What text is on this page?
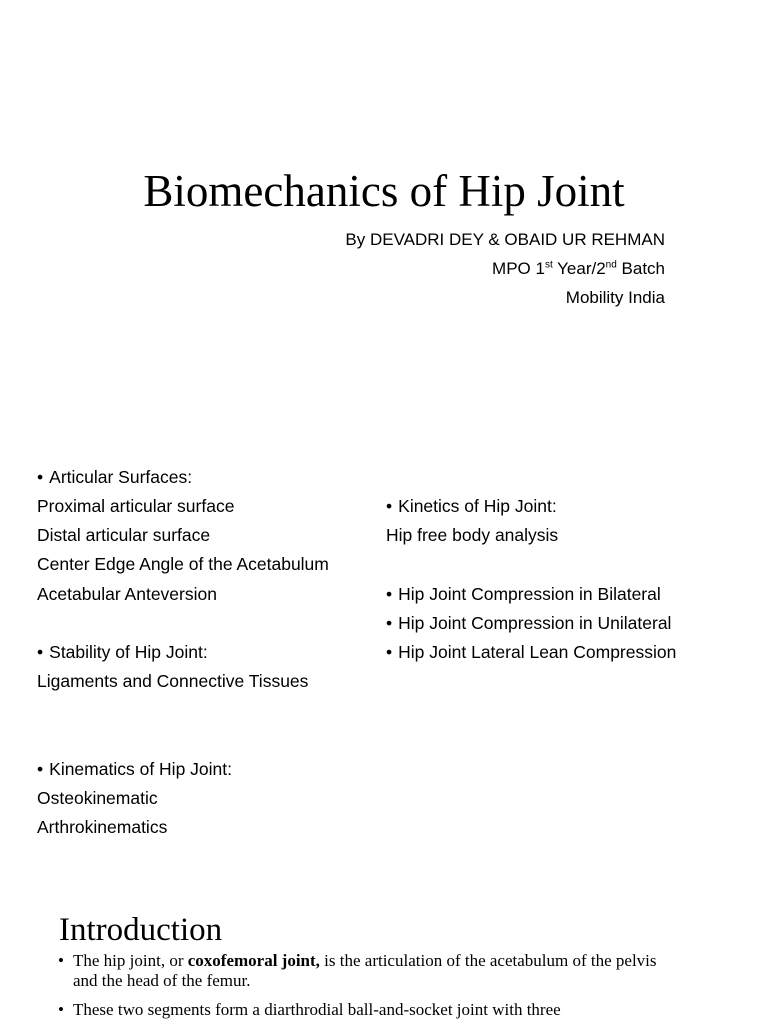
Biomechanics of Hip Joint
By DEVADRI DEY & OBAID UR REHMAN
MPO 1st Year/2nd Batch
Mobility India
• Articular Surfaces:
Proximal articular surface
Distal articular surface
Center Edge Angle of the Acetabulum
Acetabular Anteversion
• Stability of Hip Joint:
Ligaments and Connective Tissues
• Kinematics of Hip Joint:
Osteokinematic
Arthrokinematics
• Kinetics of Hip Joint:
Hip free body analysis
• Hip Joint Compression in Bilateral
• Hip Joint Compression in Unilateral
• Hip Joint Lateral Lean Compression
Introduction
• The hip joint, or coxofemoral joint, is the articulation of the acetabulum of the pelvis and the head of the femur.
• These two segments form a diarthrodial ball-and-socket joint with three
